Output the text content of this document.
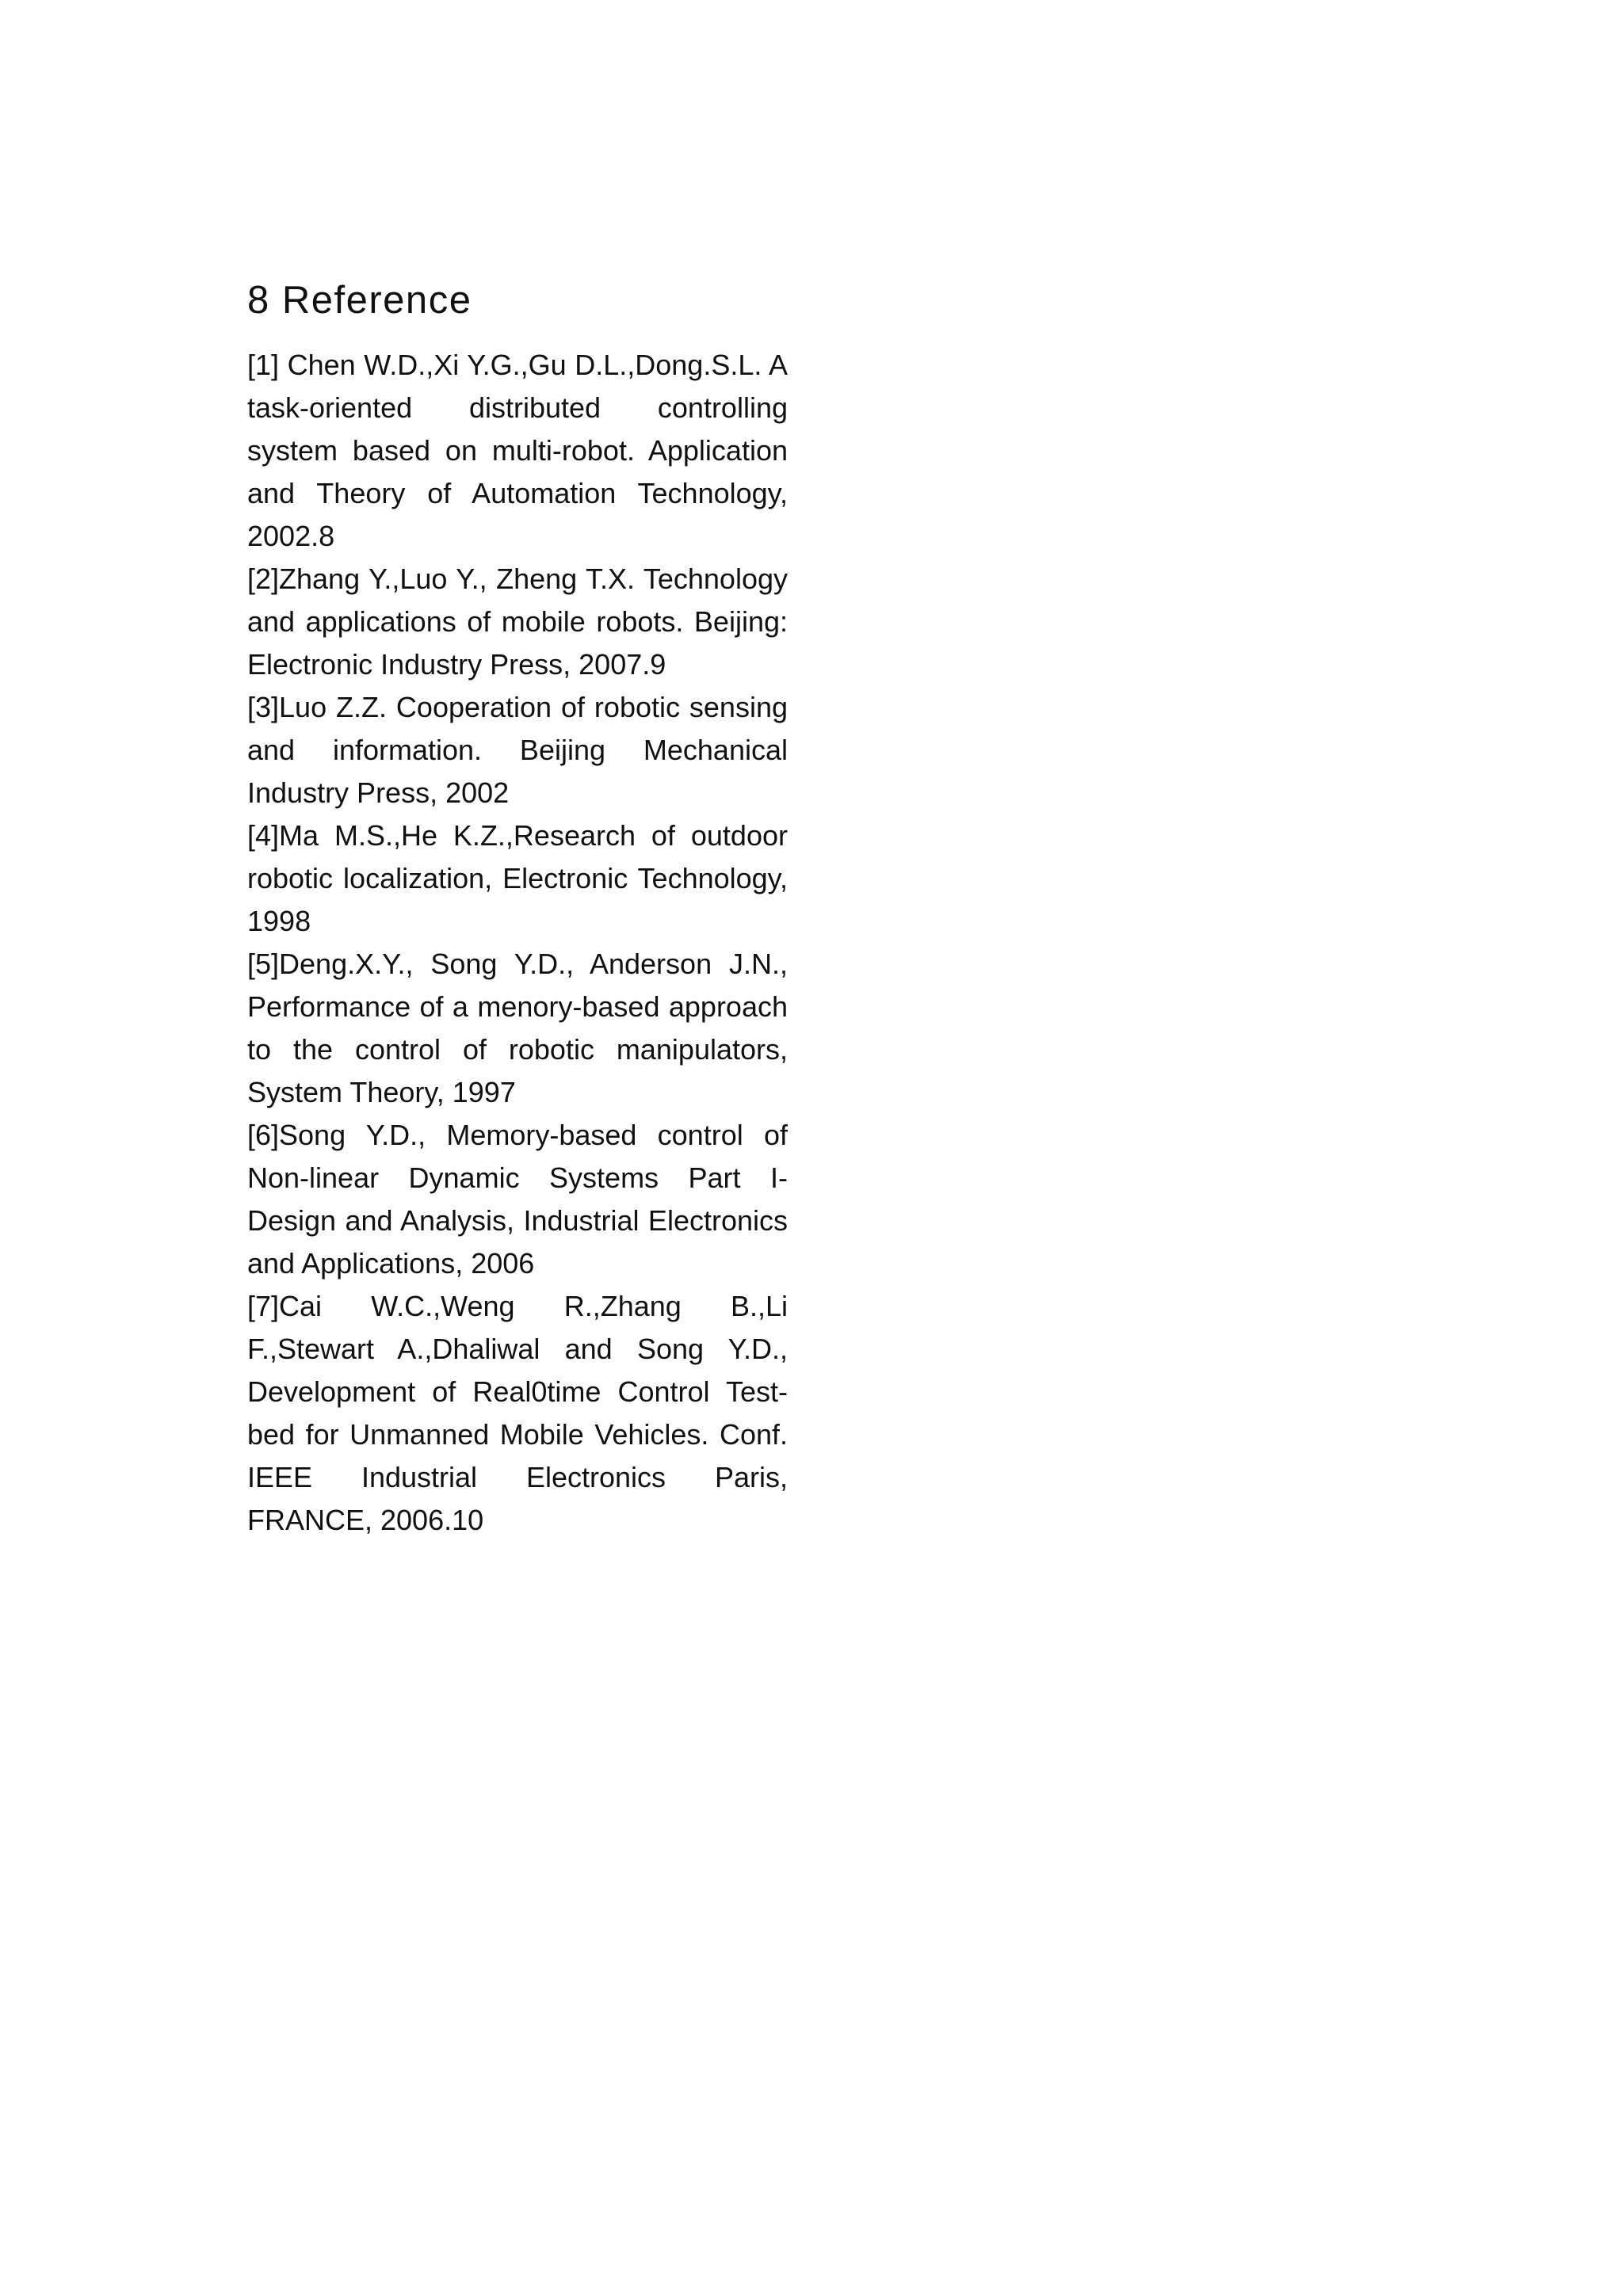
8 Reference

[1] Chen W.D.,Xi Y.G.,Gu D.L.,Dong.S.L. A task-oriented distributed controlling system based on multi-robot. Application and Theory of Automation Technology, 2002.8

[2]Zhang Y.,Luo Y., Zheng T.X. Technology and applications of mobile robots. Beijing: Electronic Industry Press, 2007.9

[3]Luo Z.Z. Cooperation of robotic sensing and information. Beijing Mechanical Industry Press, 2002

[4]Ma M.S.,He K.Z.,Research of outdoor robotic localization, Electronic Technology, 1998

[5]Deng.X.Y., Song Y.D., Anderson J.N., Performance of a menory-based approach to the control of robotic manipulators, System Theory, 1997

[6]Song Y.D., Memory-based control of Non-linear Dynamic Systems Part I-Design and Analysis, Industrial Electronics and Applications, 2006

[7]Cai W.C.,Weng R.,Zhang B.,Li F.,Stewart A.,Dhaliwal and Song Y.D., Development of Real0time Control Test-bed for Unmanned Mobile Vehicles. Conf. IEEE Industrial Electronics Paris, FRANCE, 2006.10
